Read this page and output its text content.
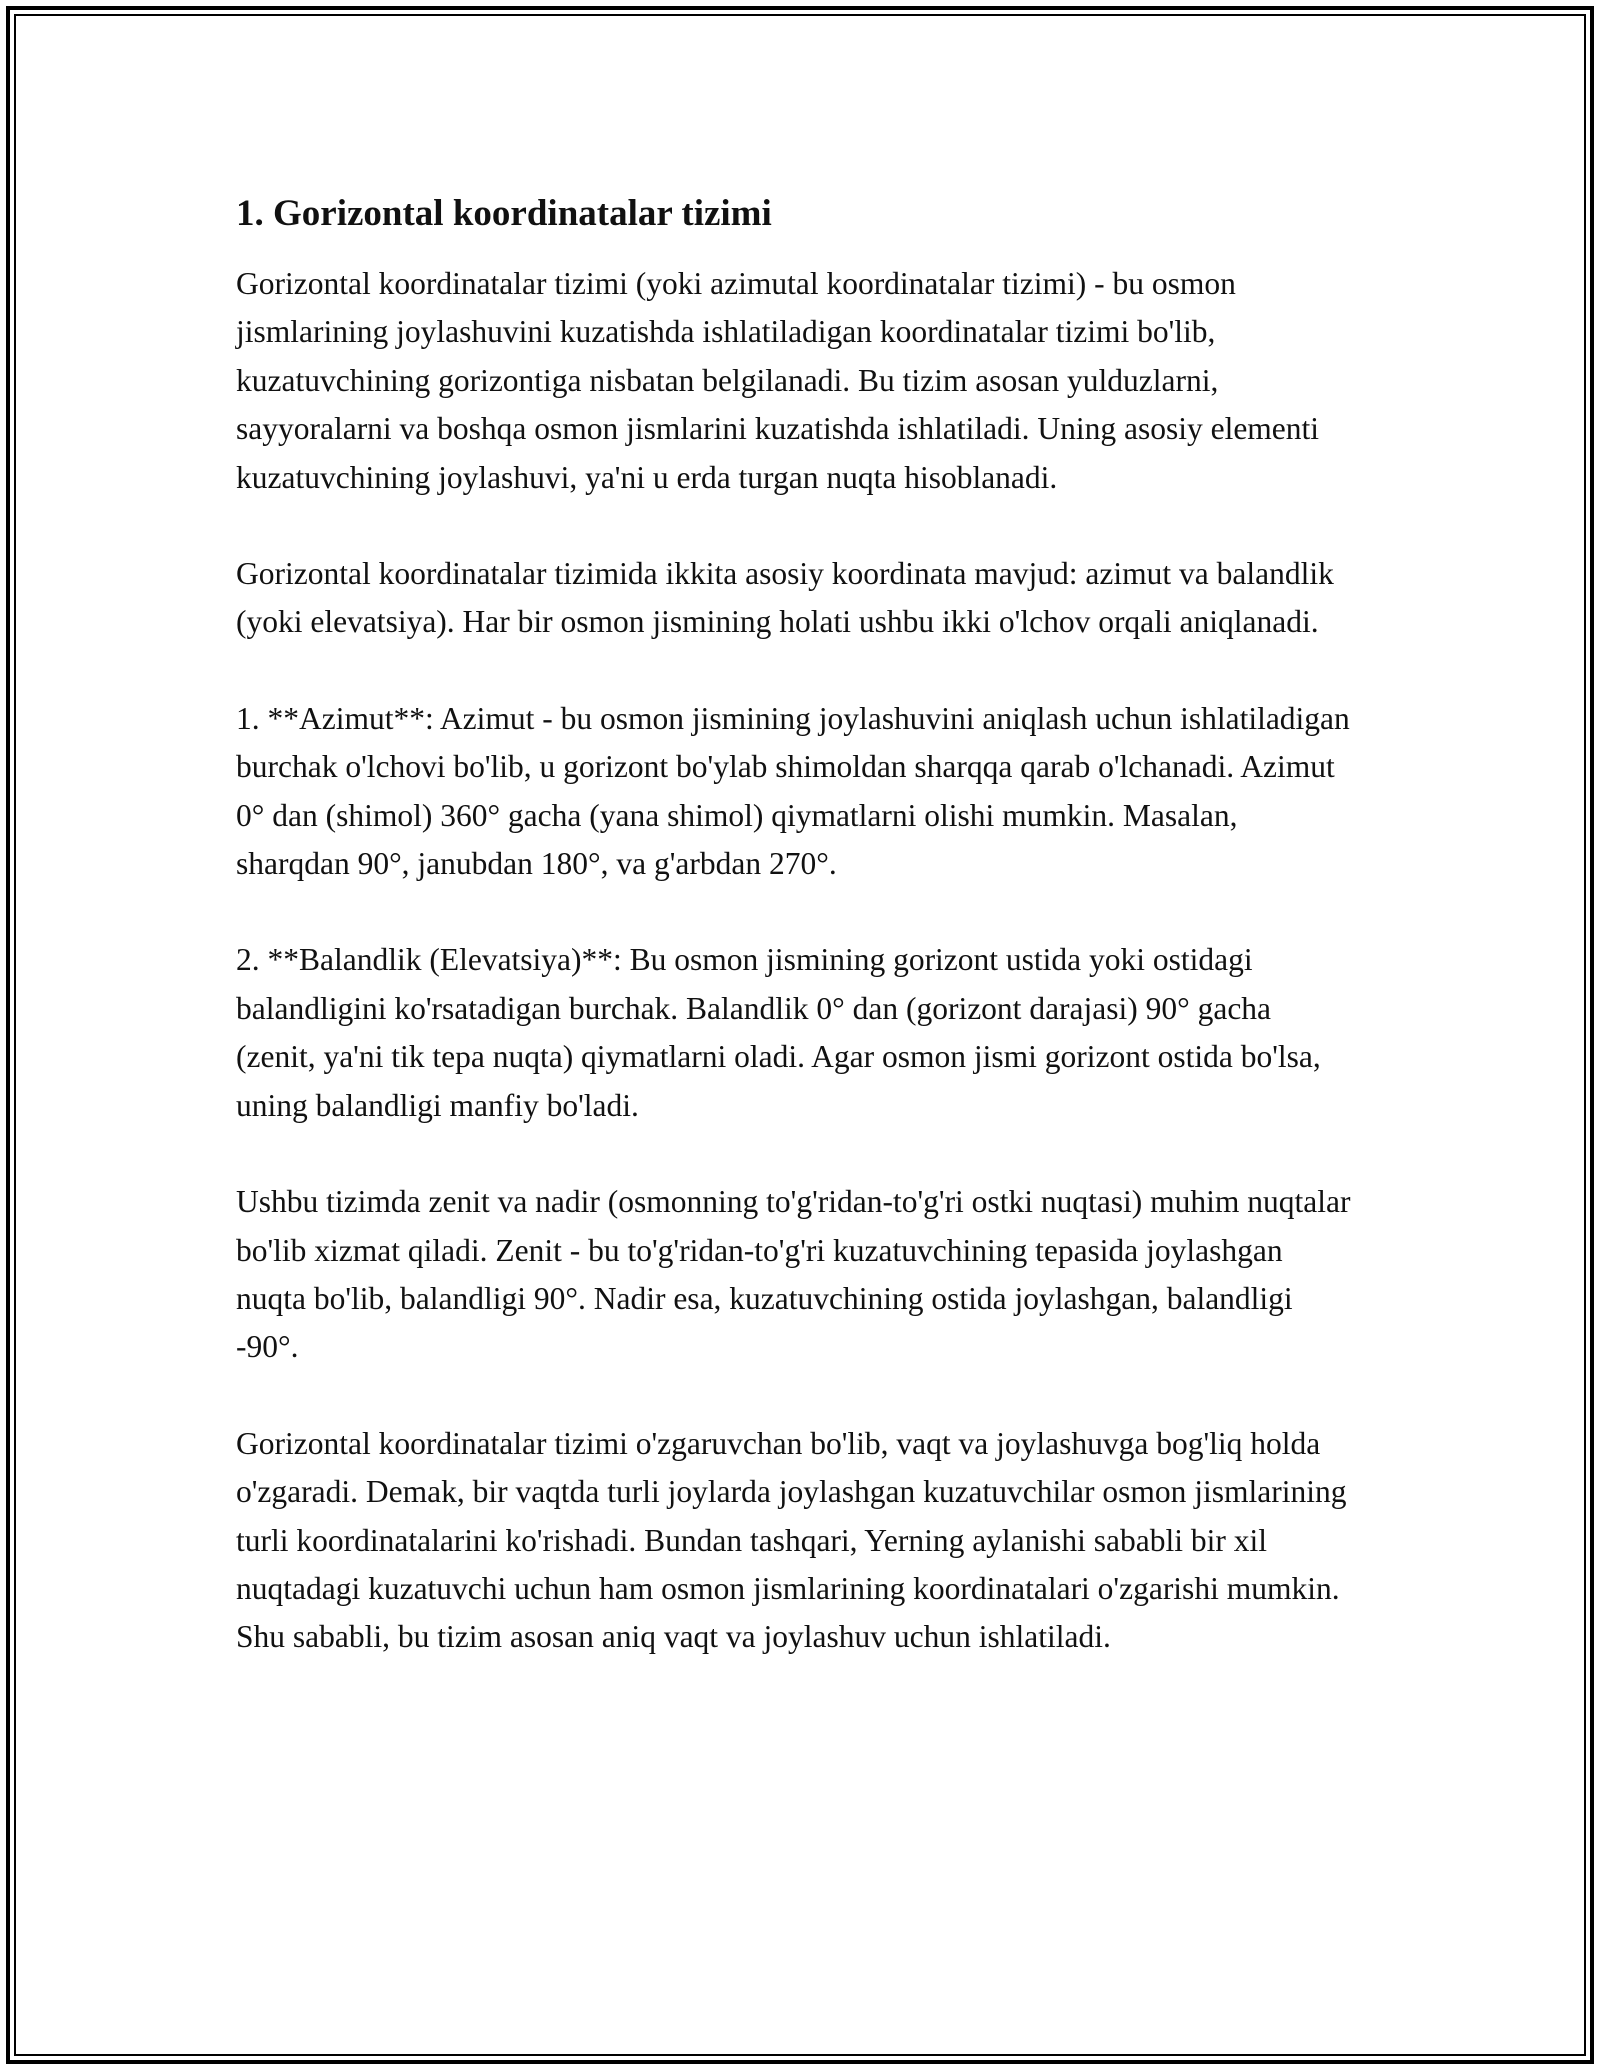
1. Gorizontal koordinatalar tizimi

Gorizontal koordinatalar tizimi (yoki azimutal koordinatalar tizimi) - bu osmon jismlarining joylashuvini kuzatishda ishlatiladigan koordinatalar tizimi bo'lib, kuzatuvchining gorizontiga nisbatan belgilanadi. Bu tizim asosan yulduzlarni, sayyoralarni va boshqa osmon jismlarini kuzatishda ishlatiladi. Uning asosiy elementi kuzatuvchining joylashuvi, ya'ni u erda turgan nuqta hisoblanadi.

Gorizontal koordinatalar tizimida ikkita asosiy koordinata mavjud: azimut va balandlik (yoki elevatsiya). Har bir osmon jismining holati ushbu ikki o'lchov orqali aniqlanadi.

1. **Azimut**: Azimut - bu osmon jismining joylashuvini aniqlash uchun ishlatiladigan burchak o'lchovi bo'lib, u gorizont bo'ylab shimoldan sharqqa qarab o'lchanadi. Azimut 0° dan (shimol) 360° gacha (yana shimol) qiymatlarni olishi mumkin. Masalan, sharqdan 90°, janubdan 180°, va g'arbdan 270°.

2. **Balandlik (Elevatsiya)**: Bu osmon jismining gorizont ustida yoki ostidagi balandligini ko'rsatadigan burchak. Balandlik 0° dan (gorizont darajasi) 90° gacha (zenit, ya'ni tik tepa nuqta) qiymatlarni oladi. Agar osmon jismi gorizont ostida bo'lsa, uning balandligi manfiy bo'ladi.

Ushbu tizimda zenit va nadir (osmonning to'g'ridan-to'g'ri ostki nuqtasi) muhim nuqtalar bo'lib xizmat qiladi. Zenit - bu to'g'ridan-to'g'ri kuzatuvchining tepasida joylashgan nuqta bo'lib, balandligi 90°. Nadir esa, kuzatuvchining ostida joylashgan, balandligi -90°.

Gorizontal koordinatalar tizimi o'zgaruvchan bo'lib, vaqt va joylashuvga bog'liq holda o'zgaradi. Demak, bir vaqtda turli joylarda joylashgan kuzatuvchilar osmon jismlarining turli koordinatalarini ko'rishadi. Bundan tashqari, Yerning aylanishi sababli bir xil nuqtadagi kuzatuvchi uchun ham osmon jismlarining koordinatalari o'zgarishi mumkin. Shu sababli, bu tizim asosan aniq vaqt va joylashuv uchun ishlatiladi.
